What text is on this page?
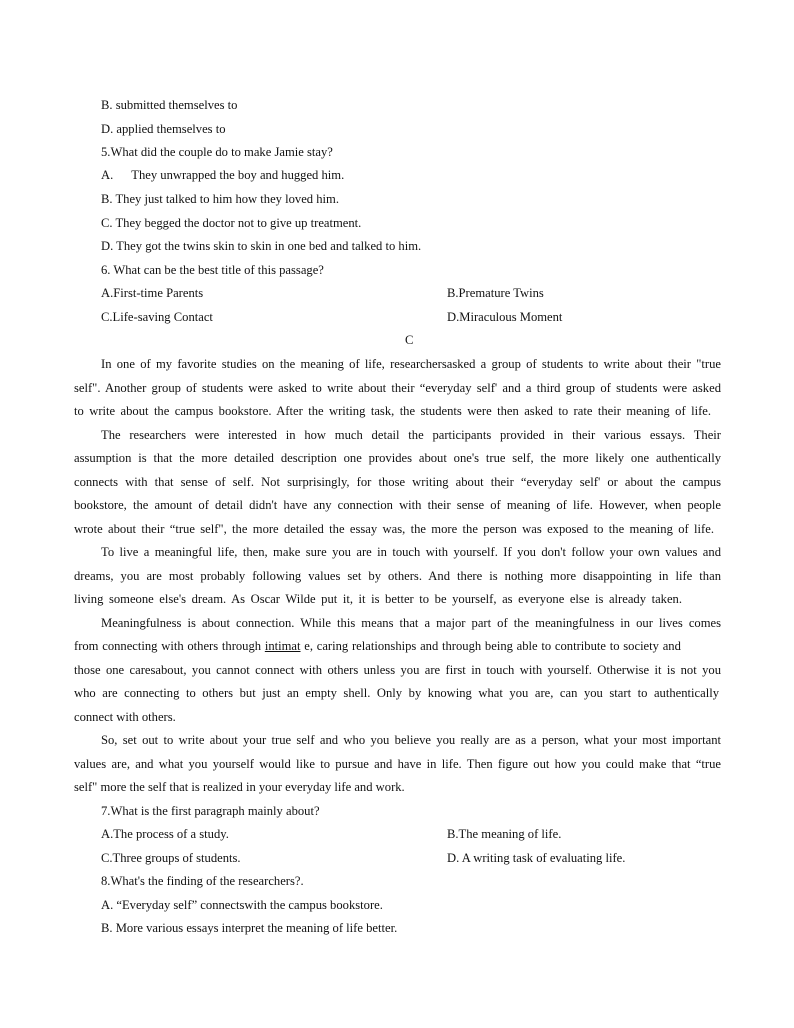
B. submitted themselves to
D. applied themselves to
5.What did the couple do to make Jamie stay?
A. They unwrapped the boy and hugged him.
B. They just talked to him how they loved him.
C. They begged the doctor not to give up treatment.
D. They got the twins skin to skin in one bed and talked to him.
6. What can be the best title of this passage?
A.First-time Parents	B.Premature Twins
C.Life-saving Contact	D.Miraculous Moment
C
In one of my favorite studies on the meaning of life, researchersasked a group of students to write about their "true
self". Another group of students were asked to write about their “everyday self' and a third group of students were asked
to write about the campus bookstore. After the writing task, the students were then asked to rate their meaning of life.
The researchers were interested in how much detail the participants provided in their various essays. Their
assumption is that the more detailed description one provides about one's true self, the more likely one authentically
connects with that sense of self. Not surprisingly, for those writing about their “everyday self' or about the campus
bookstore, the amount of detail didn't have any connection with their sense of meaning of life. However, when people
wrote about their “true self", the more detailed the essay was, the more the person was exposed to the meaning of life.
To live a meaningful life, then, make sure you are in touch with yourself. If you don't follow your own values and
dreams, you are most probably following values set by others. And there is nothing more disappointing in life than
living someone else's dream. As Oscar Wilde put it, it is better to be yourself, as everyone else is already taken.
Meaningfulness is about connection. While this means that a major part of the meaningfulness in our lives comes
from connecting with others through intimat e, caring relationships and through being able to contribute to society and
those one caresabout, you cannot connect with others unless you are first in touch with yourself. Otherwise it is not you
who are connecting to others but just an empty shell. Only by knowing what you are, can you start to authentically
connect with others.
So, set out to write about your true self and who you believe you really are as a person, what your most important
values are, and what you yourself would like to pursue and have in life. Then figure out how you could make that “true
self" more the self that is realized in your everyday life and work.
7.What is the first paragraph mainly about?
A.The process of a study.	B.The meaning of life.
C.Three groups of students.	D. A writing task of evaluating life.
8.What's the finding of the researchers?.
A. “Everyday self” connectswith the campus bookstore.
B. More various essays interpret the meaning of life better.
